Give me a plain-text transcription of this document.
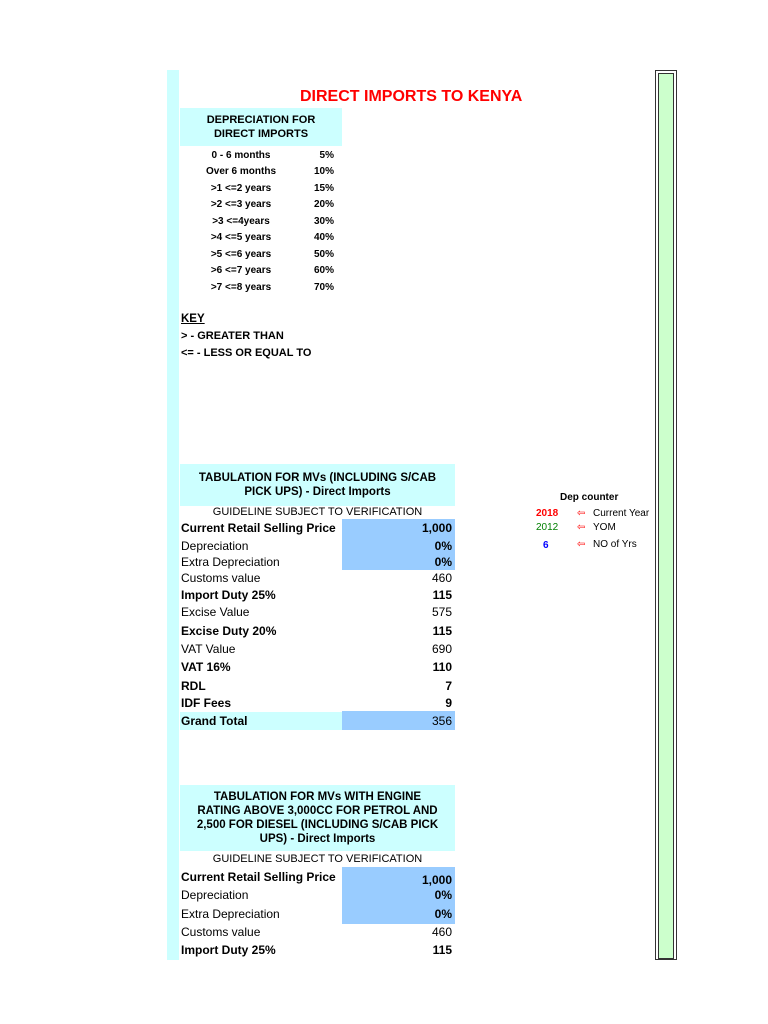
DIRECT IMPORTS TO KENYA
DEPRECIATION FOR DIRECT IMPORTS
0 - 6 months	5%
Over 6 months	10%
>1 <=2 years	15%
>2 <=3 years	20%
>3 <=4years	30%
>4 <=5 years	40%
>5 <=6 years	50%
>6 <=7 years	60%
>7 <=8 years	70%
KEY
> - GREATER THAN
<= - LESS OR EQUAL TO
TABULATION FOR MVs (INCLUDING S/CAB PICK UPS) - Direct Imports
GUIDELINE SUBJECT TO VERIFICATION
Current Retail Selling Price	1,000
Depreciation	0%
Extra Depreciation	0%
Customs value	460
Import Duty 25%	115
Excise Value	575
Excise Duty 20%	115
VAT Value	690
VAT 16%	110
RDL	7
IDF Fees	9
Grand Total	356
TABULATION FOR MVs WITH ENGINE RATING ABOVE 3,000CC FOR PETROL AND 2,500 FOR DIESEL (INCLUDING S/CAB PICK UPS) - Direct Imports
GUIDELINE SUBJECT TO VERIFICATION
Current Retail Selling Price	1,000
Depreciation	0%
Extra Depreciation	0%
Customs value	460
Import Duty 25%	115
Dep counter
2018 ⇦ Current Year
2012 ⇦ YOM
6	⇦ NO of Yrs
